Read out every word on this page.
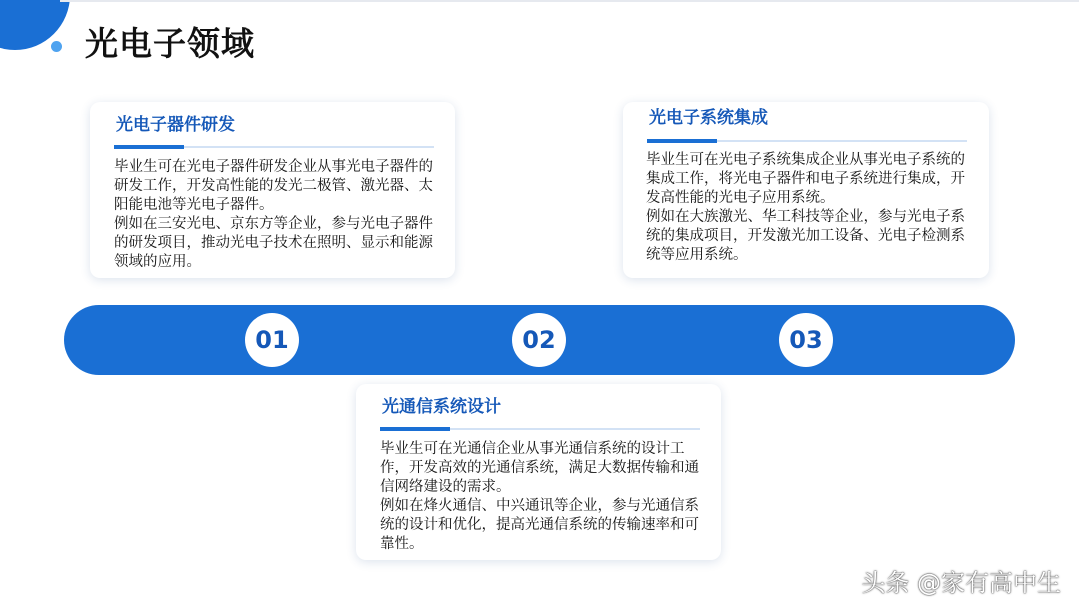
光电子领域
光电子器件研发

毕业生可在光电子器件研发企业从事光电子器件的研发工作，开发高性能的发光二极管、激光器、太阳能电池等光电子器件。

例如在三安光电、京东方等企业，参与光电子器件的研发项目，推动光电子技术在照明、显示和能源领域的应用。

光电子系统集成

毕业生可在光电子系统集成企业从事光电子系统的集成工作，将光电子器件和电子系统进行集成，开发高性能的光电子应用系统。

例如在大族激光、华工科技等企业，参与光电子系统的集成项目，开发激光加工设备、光电子检测系统等应用系统。

01	02	03
光通信系统设计

毕业生可在光通信企业从事光通信系统的设计工作，开发高效的光通信系统，满足大数据传输和通信网络建设的需求。

例如在烽火通信、中兴通讯等企业，参与光通信系统的设计和优化，提高光通信系统的传输速率和可靠性。

头条 @家有高中生
